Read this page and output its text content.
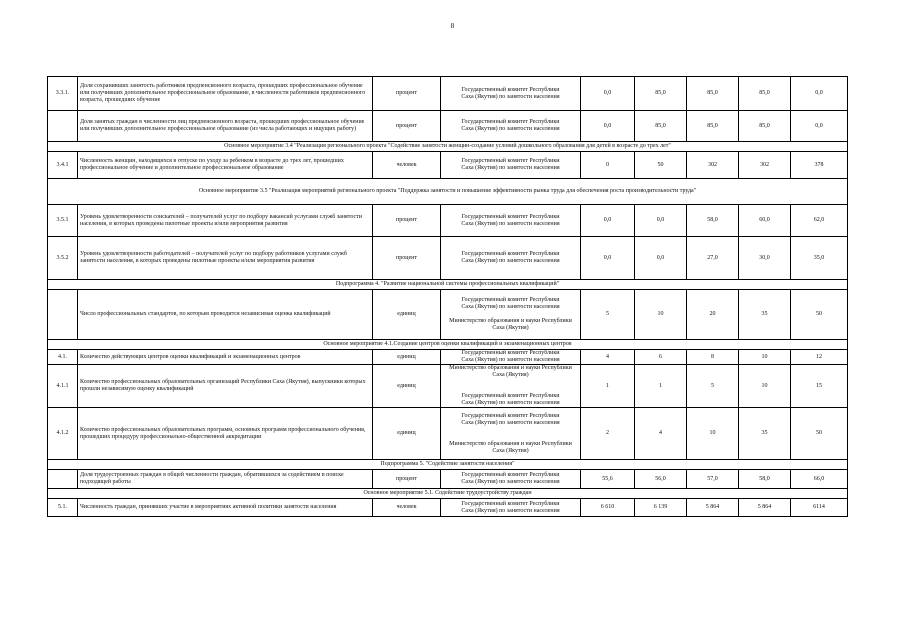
8
3.3.1.	Доля сохранивших занятость работников предпенсионного возраста, прошедших профессиональное обучение или получивших дополнительное профессиональное образование, в численности работников предпенсионного возраста, прошедших обучение	процент	Государственный комитет Республики
Саха (Якутия) по занятости населения	0,0	85,0	85,0	85,0	0,0
	Доля занятых граждан в численности лиц предпенсионного возраста, прошедших профессиональное обучение или получивших дополнительное профессиональное образование (из числа работающих и ищущих работу)	процент	Государственный комитет Республики
Саха (Якутия) по занятости населения	0,0	85,0	85,0	85,0	0,0
Основное мероприятие 3.4 "Реализация регионального проекта "Содействие занятости женщин-создание условий дошкольного образования для детей в возрасте до трех лет"								
3.4.1	Численность женщин, находящихся в отпуске по уходу за ребенком в возрасте до трех лет, прошедших профессиональное обучение и дополнительное профессиональное образование	человек	Государственный комитет Республики
Саха (Якутия) по занятости населения	0	50	302	302	378
Основное мероприятие 3.5 "Реализация мероприятий регионального проекта "Поддержка занятости и повышение эффективности рынка труда для обеспечения роста производительности труда"								
3.5.1	Уровень удовлетворенности соискателей – получателей услуг по подбору вакансий услугами служб занятости населения, в которых проведены пилотные проекты и/или мероприятия развития	процент	Государственный комитет Республики
Саха (Якутия) по занятости населения	0,0	0,0	58,0	60,0	62,0
3.5.2	Уровень удовлетворенности работодателей – получателей услуг по подбору работников услугами служб занятости населения, в которых проведены пилотные проекты и/или мероприятия развития	процент	Государственный комитет Республики
Саха (Якутия) по занятости населения	0,0	0,0	27,0	30,0	35,0
Подпрограмма 4. "Развитие национальной системы профессиональных квалификаций"								
	Число профессиональных стандартов, по которым проводится независимая оценка квалификаций	единиц	Государственный комитет Республики
Саха (Якутия) по занятости населения
Министерство образования и науки Республики
Саха (Якутия)	5	10	20	35	50
Основное мероприятие 4.1.Создание центров оценки квалификаций и экзаменационных центров								
4.1.	Количество действующих центров оценки квалификаций и экзаменационных центров	единиц	Государственный комитет Республики
Саха (Якутия) по занятости населения	4	6	8	10	12
4.1.1	Количество профессиональных образовательных организаций Республики Саха (Якутия), выпускники которых прошли независимую оценку квалификаций	единиц	Министерство образования и науки Республики
Саха (Якутия)
Государственный комитет Республики
Саха (Якутия) по занятости населения	1	1	5	10	15
4.1.2	Количество профессиональных образовательных программ, основных программ профессионального обучения, прошедших процедуру профессионально-общественной аккредитации	единиц	Государственный комитет Республики
Саха (Якутия) по занятости населения
Министерство образования и науки Республики
Саха (Якутия)	2	4	10	35	50
Подпрограмма 5. "Содействие занятости населения"								
	Доля трудоустроенных граждан в общей численности граждан, обратившихся за содействием в поиске подходящей работы	процент	Государственный комитет Республики
Саха (Якутия) по занятости населения	55,6	56,0	57,0	58,0	66,0
Основное мероприятие 5.1. Содействие трудоустройству граждан								
5.1.	Численность граждан, принявших участие в мероприятиях активной политики занятости населения	человек	Государственный комитет Республики
Саха (Якутия) по занятости населения	6 610	6 139	5 864	5 864	6114
